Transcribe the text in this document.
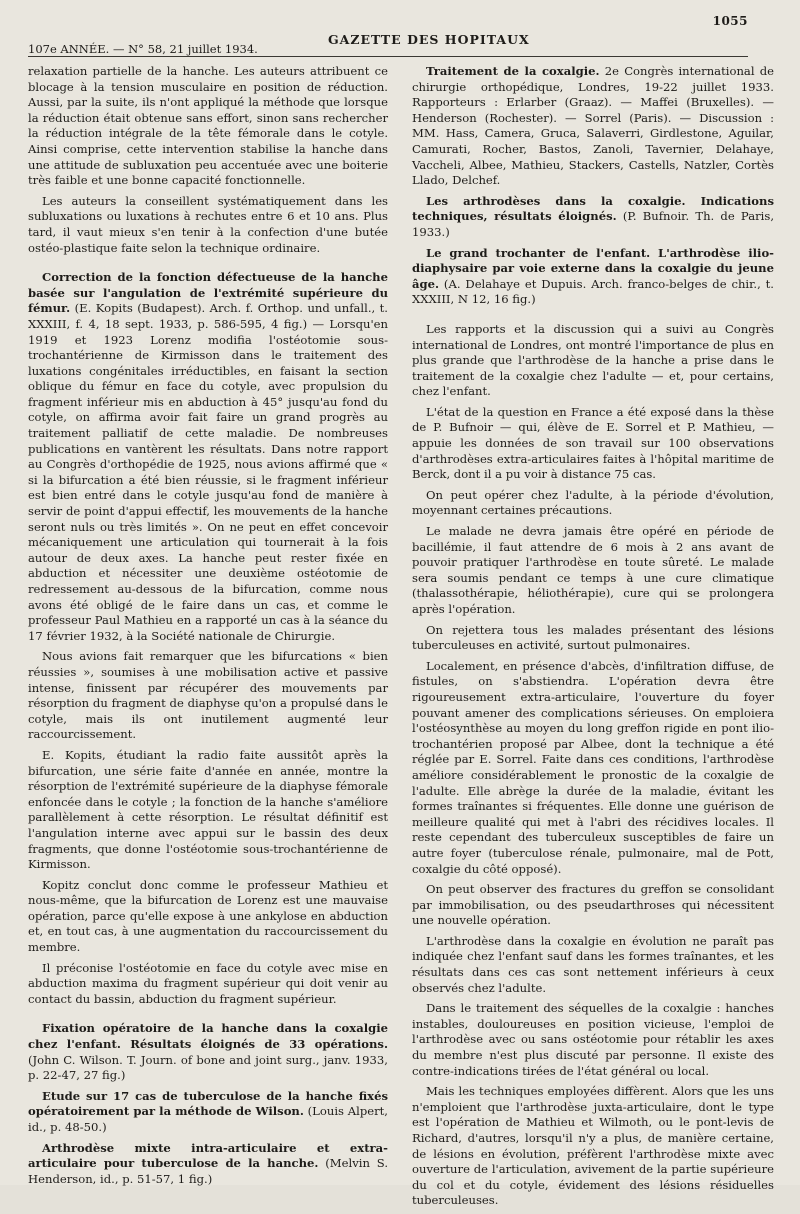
1055
107e ANNÉE. — N° 58, 21 juillet 1934.
GAZETTE DES HOPITAUX

relaxation partielle de la hanche. Les auteurs attribuent ce blocage à la tension musculaire en position de réduction. Aussi, par la suite, ils n'ont appliqué la méthode que lorsque la réduction était obtenue sans effort, sinon sans rechercher la réduction intégrale de la tête fémorale dans le cotyle. Ainsi comprise, cette intervention stabilise la hanche dans une attitude de subluxation peu accentuée avec une boiterie très faible et une bonne capacité fonctionnelle.

Les auteurs la conseillent systématiquement dans les subluxations ou luxations à rechutes entre 6 et 10 ans. Plus tard, il vaut mieux s'en tenir à la confection d'une butée ostéo-plastique faite selon la technique ordinaire.

Correction de la fonction défectueuse de la hanche basée sur l'angulation de l'extrémité supérieure du fémur. (E. Kopits (Budapest). Arch. f. Orthop. und unfall., t. XXXIII, f. 4, 18 sept. 1933, p. 586-595, 4 fig.) — Lorsqu'en 1919 et 1923 Lorenz modifia l'ostéotomie sous-trochantérienne de Kirmisson dans le traitement des luxations congénitales irréductibles, en faisant la section oblique du fémur en face du cotyle, avec propulsion du fragment inférieur mis en abduction à 45° jusqu'au fond du cotyle, on affirma avoir fait faire un grand progrès au traitement palliatif de cette maladie. De nombreuses publications en vantèrent les résultats. Dans notre rapport au Congrès d'orthopédie de 1925, nous avions affirmé que « si la bifurcation a été bien réussie, si le fragment inférieur est bien entré dans le cotyle jusqu'au fond de manière à servir de point d'appui effectif, les mouvements de la hanche seront nuls ou très limités ». On ne peut en effet concevoir mécaniquement une articulation qui tournerait à la fois autour de deux axes. La hanche peut rester fixée en abduction et nécessiter une deuxième ostéotomie de redressement au-dessous de la bifurcation, comme nous avons été obligé de le faire dans un cas, et comme le professeur Paul Mathieu en a rapporté un cas à la séance du 17 février 1932, à la Société nationale de Chirurgie.

Nous avions fait remarquer que les bifurcations « bien réussies », soumises à une mobilisation active et passive intense, finissent par récupérer des mouvements par résorption du fragment de diaphyse qu'on a propulsé dans le cotyle, mais ils ont inutilement augmenté leur raccourcissement.

E. Kopits, étudiant la radio faite aussitôt après la bifurcation, une série faite d'année en année, montre la résorption de l'extrémité supérieure de la diaphyse fémorale enfoncée dans le cotyle ; la fonction de la hanche s'améliore parallèlement à cette résorption. Le résultat définitif est l'angulation interne avec appui sur le bassin des deux fragments, que donne l'ostéotomie sous-trochantérienne de Kirmisson.

Kopitz conclut donc comme le professeur Mathieu et nous-même, que la bifurcation de Lorenz est une mauvaise opération, parce qu'elle expose à une ankylose en abduction et, en tout cas, à une augmentation du raccourcissement du membre.

Il préconise l'ostéotomie en face du cotyle avec mise en abduction maxima du fragment supérieur qui doit venir au contact du bassin, abduction du fragment supérieur.

Fixation opératoire de la hanche dans la coxalgie chez l'enfant. Résultats éloignés de 33 opérations. (John C. Wilson. T. Journ. of bone and joint surg., janv. 1933, p. 22-47, 27 fig.)

Etude sur 17 cas de tuberculose de la hanche fixés opératoirement par la méthode de Wilson. (Louis Alpert, id., p. 48-50.)

Arthrodèse mixte intra-articulaire et extra-articulaire pour tuberculose de la hanche. (Melvin S. Henderson, id., p. 51-57, 1 fig.)

Traitement de la coxalgie. 2e Congrès international de chirurgie orthopédique, Londres, 19-22 juillet 1933. Rapporteurs : Erlarber (Graaz). — Maffei (Bruxelles). — Henderson (Rochester). — Sorrel (Paris). — Discussion : MM. Hass, Camera, Gruca, Salaverri, Girdlestone, Aguilar, Camurati, Rocher, Bastos, Zanoli, Tavernier, Delahaye, Vaccheli, Albee, Mathieu, Stackers, Castells, Natzler, Cortès Llado, Delchef.

Les arthrodèses dans la coxalgie. Indications techniques, résultats éloignés. (P. Bufnoir. Th. de Paris, 1933.)

Le grand trochanter de l'enfant. L'arthrodèse ilio-diaphysaire par voie externe dans la coxalgie du jeune âge. (A. Delahaye et Dupuis. Arch. franco-belges de chir., t. XXXIII, N 12, 16 fig.)

Les rapports et la discussion qui a suivi au Congrès international de Londres, ont montré l'importance de plus en plus grande que l'arthrodèse de la hanche a prise dans le traitement de la coxalgie chez l'adulte — et, pour certains, chez l'enfant.

L'état de la question en France a été exposé dans la thèse de P. Bufnoir — qui, élève de E. Sorrel et P. Mathieu, — appuie les données de son travail sur 100 observations d'arthrodèses extra-articulaires faites à l'hôpital maritime de Berck, dont il a pu voir à distance 75 cas.

On peut opérer chez l'adulte, à la période d'évolution, moyennant certaines précautions.

Le malade ne devra jamais être opéré en période de bacillémie, il faut attendre de 6 mois à 2 ans avant de pouvoir pratiquer l'arthrodèse en toute sûreté. Le malade sera soumis pendant ce temps à une cure climatique (thalassothérapie, héliothérapie), cure qui se prolongera après l'opération.

On rejettera tous les malades présentant des lésions tuberculeuses en activité, surtout pulmonaires.

Localement, en présence d'abcès, d'infiltration diffuse, de fistules, on s'abstiendra. L'opération devra être rigoureusement extra-articulaire, l'ouverture du foyer pouvant amener des complications sérieuses. On emploiera l'ostéosynthèse au moyen du long greffon rigide en pont ilio-trochantérien proposé par Albee, dont la technique a été réglée par E. Sorrel. Faite dans ces conditions, l'arthrodèse améliore considérablement le pronostic de la coxalgie de l'adulte. Elle abrège la durée de la maladie, évitant les formes traînantes si fréquentes. Elle donne une guérison de meilleure qualité qui met à l'abri des récidives locales. Il reste cependant des tuberculeux susceptibles de faire un autre foyer (tuberculose rénale, pulmonaire, mal de Pott, coxalgie du côté opposé).

On peut observer des fractures du greffon se consolidant par immobilisation, ou des pseudarthroses qui nécessitent une nouvelle opération.

L'arthrodèse dans la coxalgie en évolution ne paraît pas indiquée chez l'enfant sauf dans les formes traînantes, et les résultats dans ces cas sont nettement inférieurs à ceux observés chez l'adulte.

Dans le traitement des séquelles de la coxalgie : hanches instables, douloureuses en position vicieuse, l'emploi de l'arthrodèse avec ou sans ostéotomie pour rétablir les axes du membre n'est plus discuté par personne. Il existe des contre-indications tirées de l'état général ou local.

Mais les techniques employées diffèrent. Alors que les uns n'emploient que l'arthrodèse juxta-articulaire, dont le type est l'opération de Mathieu et Wilmoth, ou le pont-levis de Richard, d'autres, lorsqu'il n'y a plus, de manière certaine, de lésions en évolution, préfèrent l'arthrodèse mixte avec ouverture de l'articulation, avivement de la partie supérieure du col et du cotyle, évidement des lésions résiduelles tuberculeuses.
